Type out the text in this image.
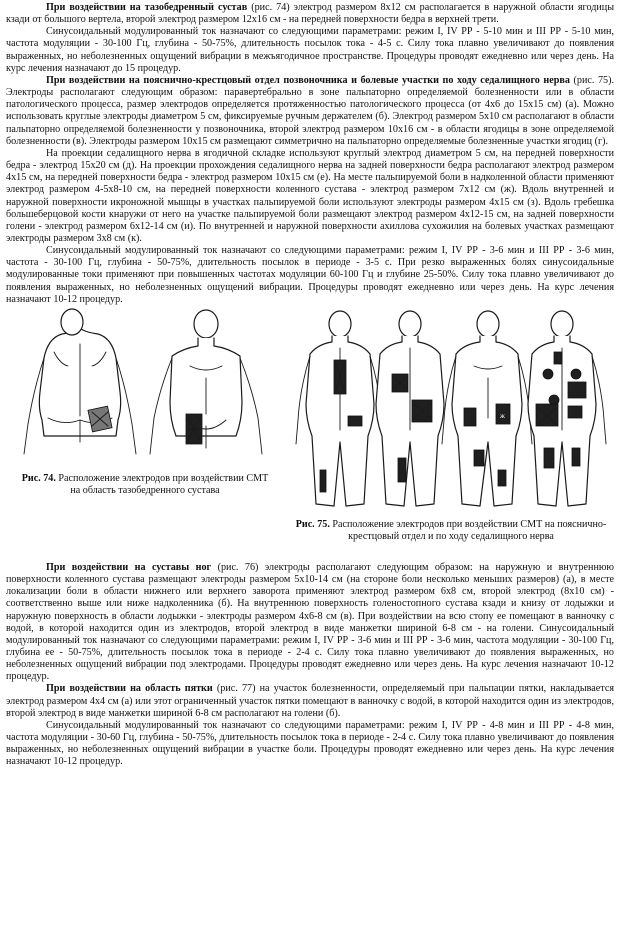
При воздействии на тазобедренный сустав (рис. 74) электрод размером 8х12 см располагается в наружной области ягодицы кзади от большого вертела, второй электрод размером 12х16 см - на передней поверхности бедра в верхней трети.

Синусоидальный модулированный ток назначают со следующими параметрами: режим I, IV РР - 5-10 мин и III РР - 5-10 мин, частота модуляции - 30-100 Гц, глубина - 50-75%, длительность посылок тока - 4-5 с. Силу тока плавно увеличивают до появления выраженных, но неболезненных ощущений вибрации в межъягодичное пространстве. Процедуры проводят ежедневно или через день. На курс лечения назначают до 15 процедур.

При воздействии на пояснично-крестцовый отдел позвоночника и болевые участки по ходу седалищного нерва (рис. 75). Электроды располагают следующим образом: паравертебрально в зоне пальпаторно определяемой болезненности или в области патологического процесса, размер электродов определяется протяженностью патологического процесса (от 4х6 до 15х15 см) (а). Можно использовать круглые электроды диаметром 5 см, фиксируемые ручным держателем (б). Электрод размером 5х10 см располагают в области пальпаторно определяемой болезненности у позвоночника, второй электрод размером 10х16 см - в области ягодицы в зоне определяемой болезненности (в). Электроды размером 10х15 см размещают симметрично на пальпаторно определяемые болезненные участки ягодиц (г).

На проекции седалищного нерва в ягодичной складке используют круглый электрод диаметром 5 см, на передней поверхности бедра - электрод 15х20 см (д). На проекции прохождения седалищного нерва на задней поверхности бедра располагают электрод размером 4х15 см, на передней поверхности бедра - электрод размером 10х15 см (е). На месте пальпируемой боли в надколенной области применяют электрод размером 4-5х8-10 см, на передней поверхности коленного сустава - электрод размером 7х12 см (ж). Вдоль внутренней и наружной поверхности икроножной мышцы в участках пальпируемой боли используют электроды размером 4х15 см (з). Вдоль гребешка большеберцовой кости кнаружи от него на участке пальпируемой боли размещают электрод размером 4х12-15 см, на задней поверхности голени - электрод размером 6х12-14 см (и). По внутренней и наружной поверхности ахиллова сухожилия на болевых участках размещают электроды размером 3х8 см (к).

Синусоидальный модулированный ток назначают со следующими параметрами: режим I, IV РР - 3-6 мин и III РР - 3-6 мин, частота - 30-100 Гц, глубина - 50-75%, длительность посылок в периоде - 3-5 с. При резко выраженных болях синусоидальные модулированные токи применяют при повышенных частотах модуляции 60-100 Гц и глубине 25-50%. Силу тока плавно увеличивают до появления выраженных, но неболезненных ощущений вибрации. Процедуры проводят ежедневно или через день. На курс лечения назначают 10-12 процедур.

Рис. 74. Расположение электродов при воздействии СМТ на область тазобедренного сустава

а
ж

Рис. 75. Расположение электродов при воздействии СМТ на пояснично-крестцовый отдел и по ходу седалищного нерва

При воздействии на суставы ног (рис. 76) электроды располагают следующим образом: на наружную и внутреннюю поверхности коленного сустава размещают электроды размером 5х10-14 см (на стороне боли несколько меньших размеров) (а), в месте локализации боли в области нижнего или верхнего заворота применяют электрод размером 6х8 см, второй электрод (8х10 см) - соответственно выше или ниже надколенника (б). На внутреннюю поверхность голеностопного сустава кзади и книзу от лодыжки и наружную поверхность в области лодыжки - электроды размером 4х6-8 см (в). При воздействии на всю стопу ее помещают в ванночку с водой, в которой находится один из электродов, второй электрод в виде манжетки шириной 6-8 см - на голени. Синусоидальный модулированный ток назначают со следующими параметрами: режим I, IV РР - 3-6 мин и III РР - 3-6 мин, частота модуляции - 30-100 Гц, глубина ее - 50-75%, длительность посылок тока в периоде - 2-4 с. Силу тока плавно увеличивают до появления выраженных, но неболезненных ощущений вибрации под электродами. Процедуры проводят ежедневно или через день. На курс лечения назначают 10-12 процедур.

При воздействии на область пятки (рис. 77) на участок болезненности, определяемый при пальпации пятки, накладывается электрод размером 4х4 см (а) или этот ограниченный участок пятки помещают в ванночку с водой, в которой находится один из электродов, второй электрод в виде манжетки шириной 6-8 см располагают на голени (б).

Синусоидальный модулированный ток назначают со следующими параметрами: режим I, IV РР - 4-8 мин и III РР - 4-8 мин, частота модуляции - 30-60 Гц, глубина - 50-75%, длительность посылок тока в периоде - 2-4 с. Силу тока плавно увеличивают до появления выраженных, но неболезненных ощущений вибрации в участке боли. Процедуры проводят ежедневно или через день. На курс лечения назначают 10-12 процедур.
